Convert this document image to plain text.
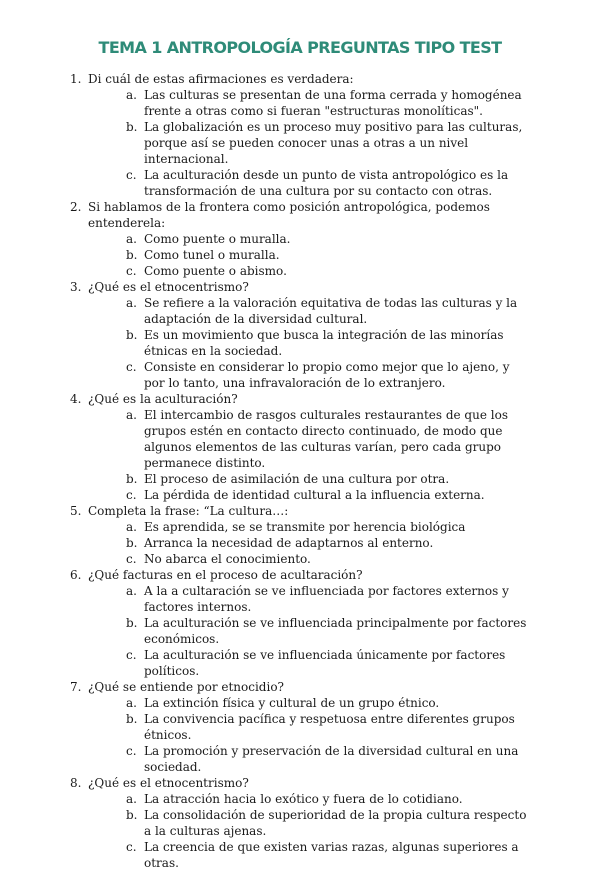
TEMA 1 ANTROPOLOGÍA PREGUNTAS TIPO TEST
1. Di cuál de estas afirmaciones es verdadera:
a. Las culturas se presentan de una forma cerrada y homogénea frente a otras como si fueran "estructuras monolíticas".
b. La globalización es un proceso muy positivo para las culturas, porque así se pueden conocer unas a otras a un nivel internacional.
c. La aculturación desde un punto de vista antropológico es la transformación de una cultura por su contacto con otras.
2. Si hablamos de la frontera como posición antropológica, podemos entenderela:
a. Como puente o muralla.
b. Como tunel o muralla.
c. Como puente o abismo.
3. ¿Qué es el etnocentrismo?
a. Se refiere a la valoración equitativa de todas las culturas y la adaptación de la diversidad cultural.
b. Es un movimiento que busca la integración de las minorías étnicas en la sociedad.
c. Consiste en considerar lo propio como mejor que lo ajeno, y por lo tanto, una infravaloración de lo extranjero.
4. ¿Qué es la aculturación?
a. El intercambio de rasgos culturales restaurantes de que los grupos estén en contacto directo continuado, de modo que algunos elementos de las culturas varían, pero cada grupo permanece distinto.
b. El proceso de asimilación de una cultura por otra.
c. La pérdida de identidad cultural a la influencia externa.
5. Completa la frase: “La cultura…:
a. Es aprendida, se se transmite por herencia biológica
b. Arranca la necesidad de adaptarnos al enterno.
c. No abarca el conocimiento.
6. ¿Qué facturas en el proceso de acultaración?
a. A la a cultaración se ve influenciada por factores externos y factores internos.
b. La aculturación se ve influenciada principalmente por factores económicos.
c. La aculturación se ve influenciada únicamente por factores políticos.
7. ¿Qué se entiende por etnocidio?
a. La extinción física y cultural de un grupo étnico.
b. La convivencia pacífica y respetuosa entre diferentes grupos étnicos.
c. La promoción y preservación de la diversidad cultural en una sociedad.
8. ¿Qué es el etnocentrismo?
a. La atracción hacia lo exótico y fuera de lo cotidiano.
b. La consolidación de superioridad de la propia cultura respecto a la culturas ajenas.
c. La creencia de que existen varias razas, algunas superiores a otras.
